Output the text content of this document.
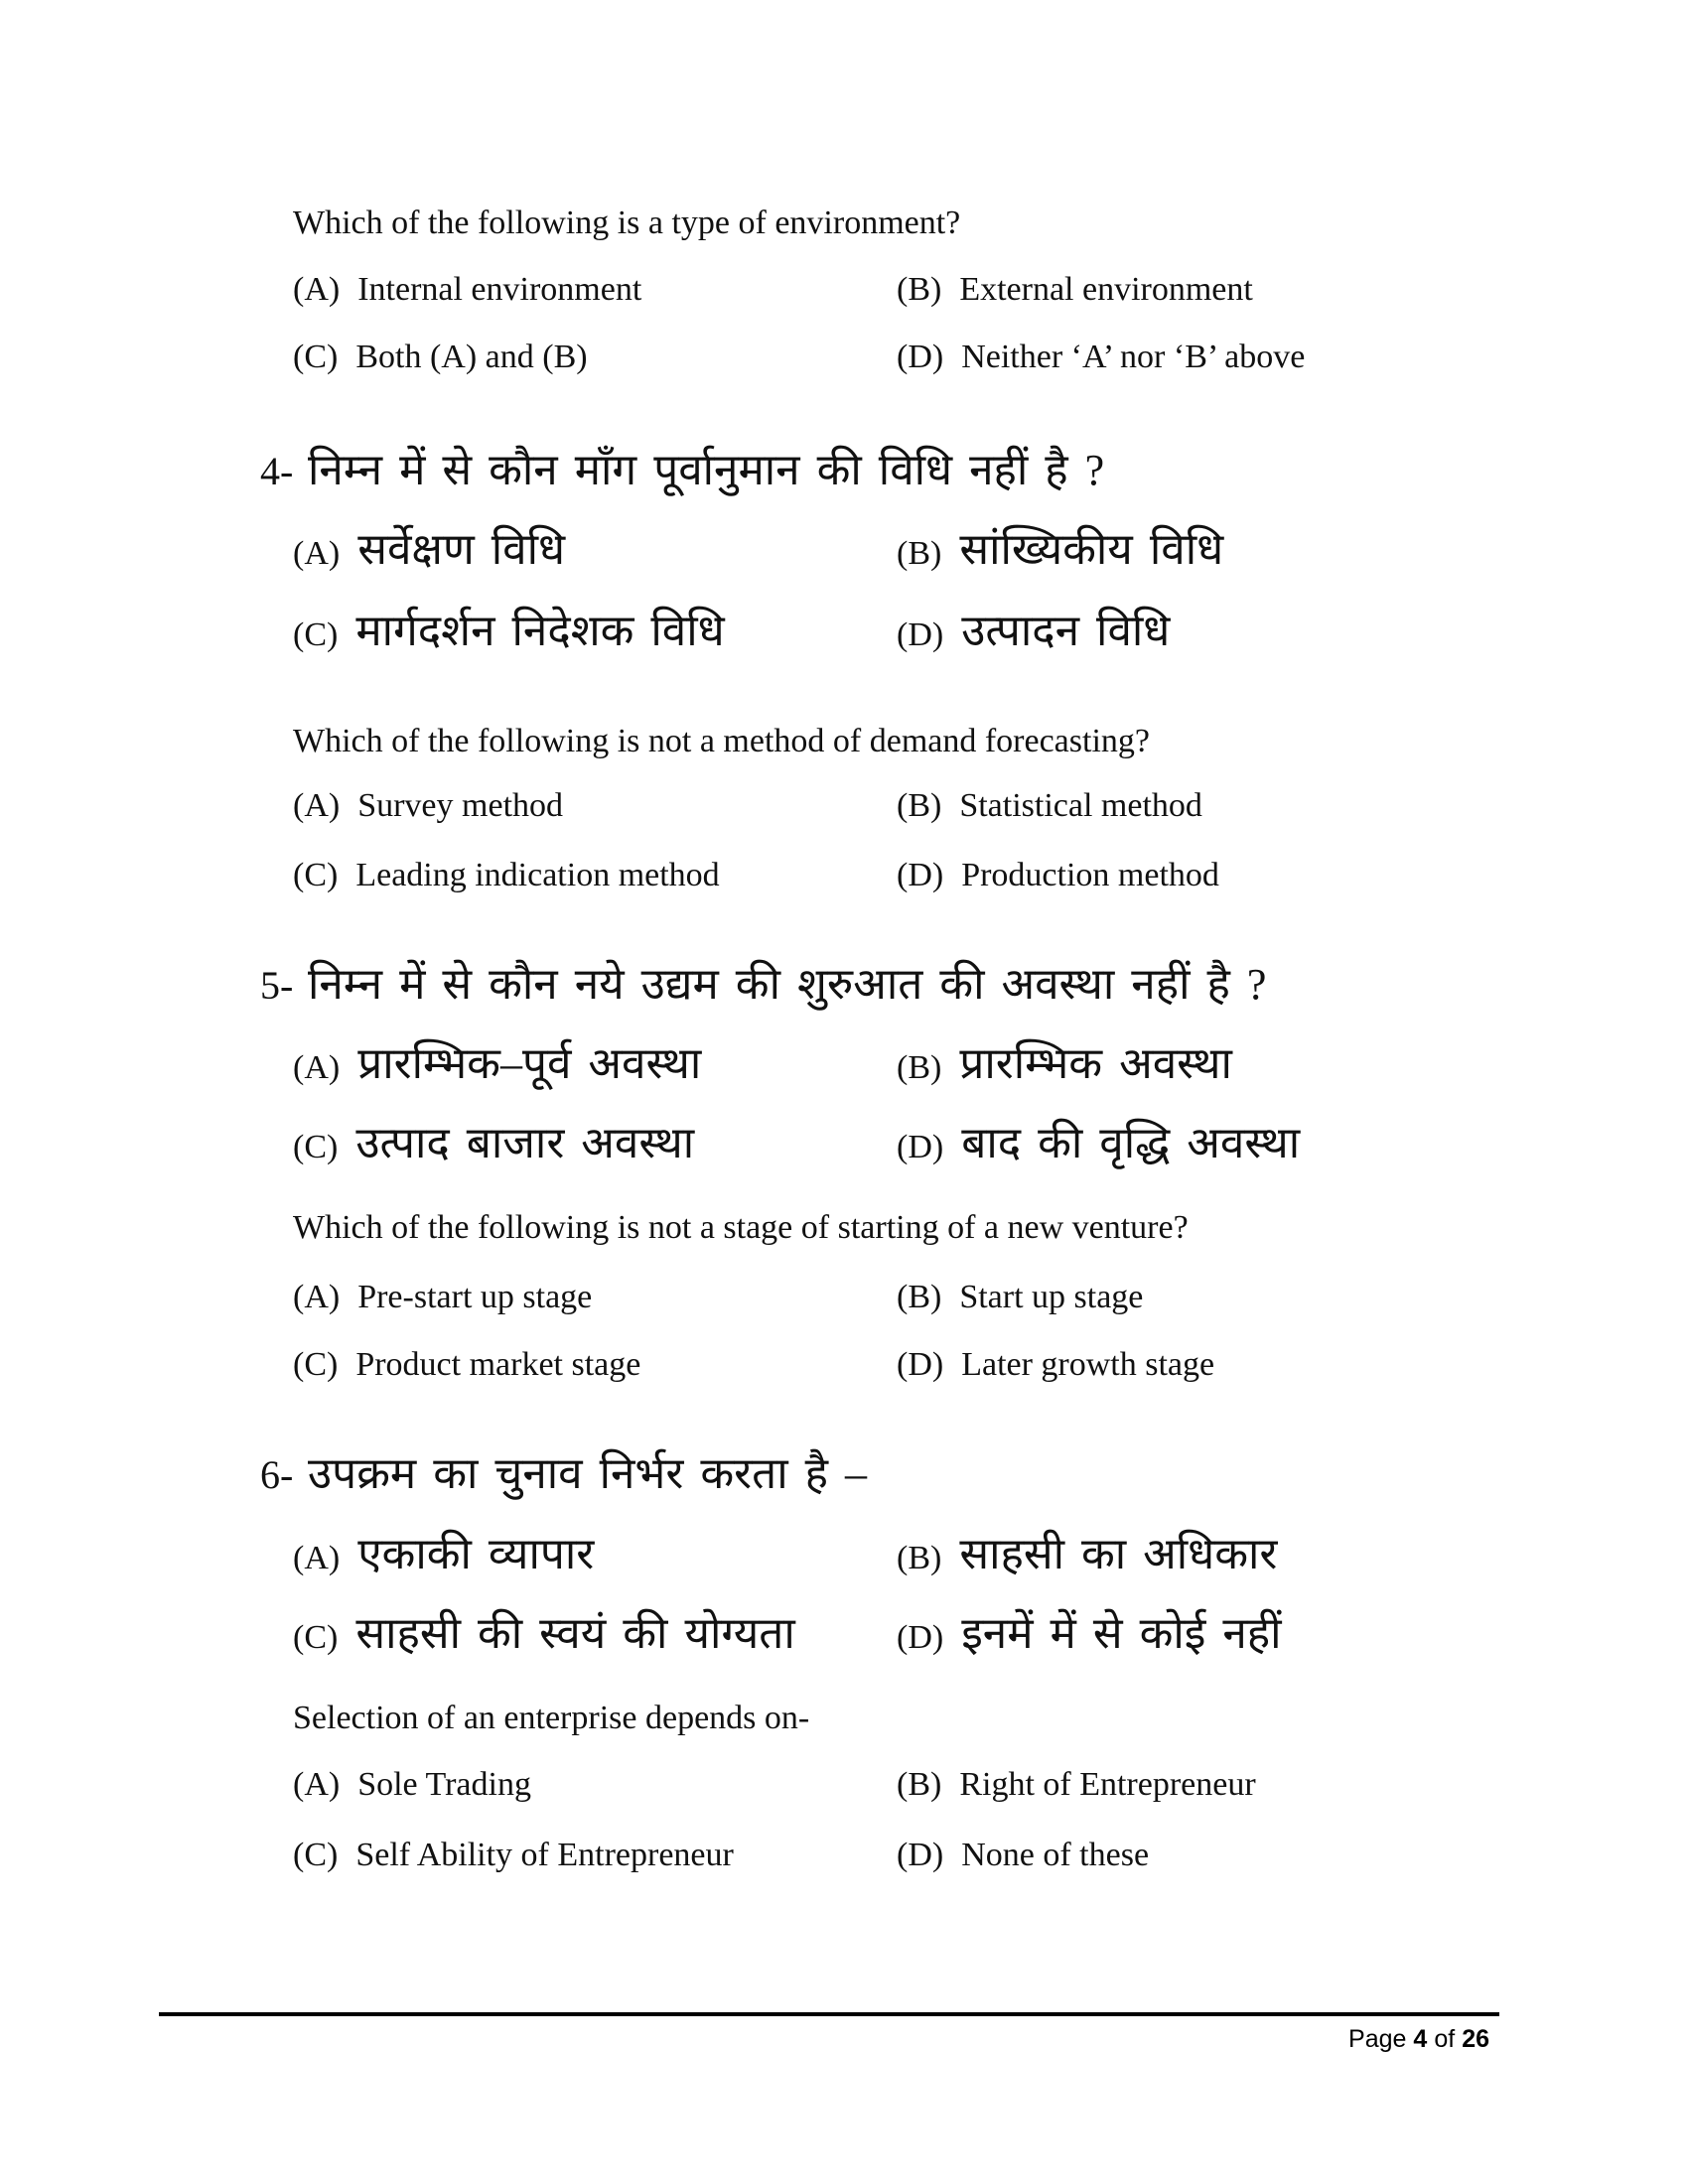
Which of the following is a type of environment?
(A) Internal environment	(B) External environment
(C) Both (A) and (B)	(D) Neither ‘A’ nor ‘B’ above
4- निम्न में से कौन माँग पूर्वानुमान की विधि नहीं है ?
(A) सर्वेक्षण विधि	(B) सांख्यिकीय विधि
(C) मार्गदर्शन निदेशक विधि	(D) उत्पादन विधि
Which of the following is not a method of demand forecasting?
(A) Survey method	(B) Statistical method
(C) Leading indication method	(D) Production method
5- निम्न में से कौन नये उद्यम की शुरुआत की अवस्था नहीं है ?
(A) प्रारम्भिक–पूर्व अवस्था	(B) प्रारम्भिक अवस्था
(C) उत्पाद बाजार अवस्था	(D) बाद की वृद्धि अवस्था
Which of the following is not a stage of starting of a new venture?
(A) Pre-start up stage	(B) Start up stage
(C) Product market stage	(D) Later growth stage
6- उपक्रम का चुनाव निर्भर करता है –
(A) एकाकी व्यापार	(B) साहसी का अधिकार
(C) साहसी की स्वयं की योग्यता	(D) इनमें में से कोई नहीं
Selection of an enterprise depends on-
(A) Sole Trading	(B) Right of Entrepreneur
(C) Self Ability of Entrepreneur	(D) None of these
Page 4 of 26
